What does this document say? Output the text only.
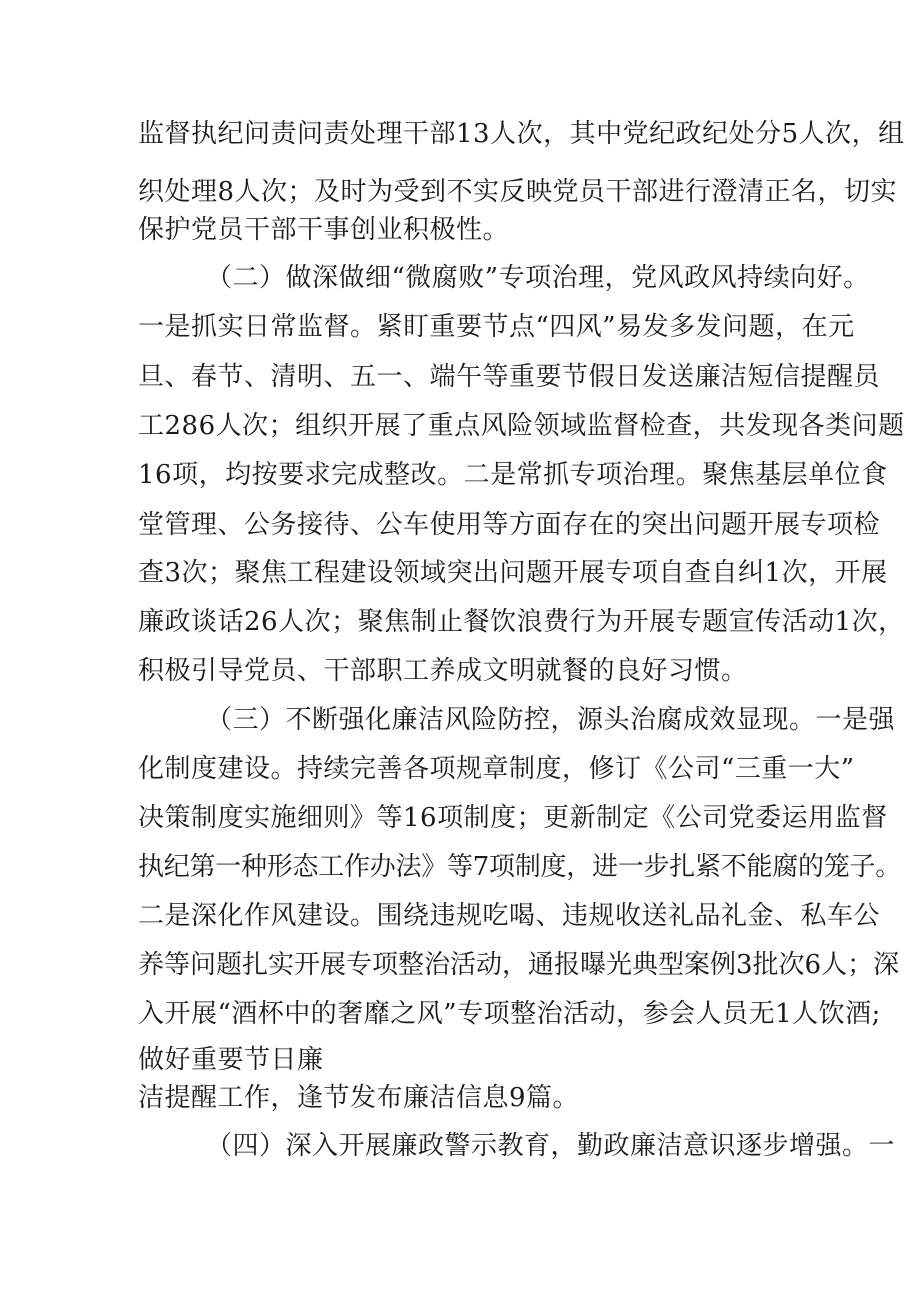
监督执纪问责问责处理干部13人次，其中党纪政纪处分5人次，组
织处理8人次；及时为受到不实反映党员干部进行澄清正名，切实
保护党员干部干事创业积极性。
（二）做深做细“微腐败”专项治理，党风政风持续向好。
一是抓实日常监督。紧盯重要节点“四风”易发多发问题，在元
旦、春节、清明、五一、端午等重要节假日发送廉洁短信提醒员
工286人次；组织开展了重点风险领域监督检查，共发现各类问题
16项，均按要求完成整改。二是常抓专项治理。聚焦基层单位食
堂管理、公务接待、公车使用等方面存在的突出问题开展专项检
查3次；聚焦工程建设领域突出问题开展专项自查自纠1次，开展
廉政谈话26人次；聚焦制止餐饮浪费行为开展专题宣传活动1次，
积极引导党员、干部职工养成文明就餐的良好习惯。
（三）不断强化廉洁风险防控，源头治腐成效显现。一是强
化制度建设。持续完善各项规章制度，修订《公司“三重一大”
决策制度实施细则》等16项制度；更新制定《公司党委运用监督
执纪第一种形态工作办法》等7项制度，进一步扎紧不能腐的笼子。
二是深化作风建设。围绕违规吃喝、违规收送礼品礼金、私车公
养等问题扎实开展专项整治活动，通报曝光典型案例3批次6人；深
入开展“酒杯中的奢靡之风”专项整治活动，参会人员无1人饮酒;
做好重要节日廉
洁提醒工作，逢节发布廉洁信息9篇。
（四）深入开展廉政警示教育，勤政廉洁意识逐步增强。一
